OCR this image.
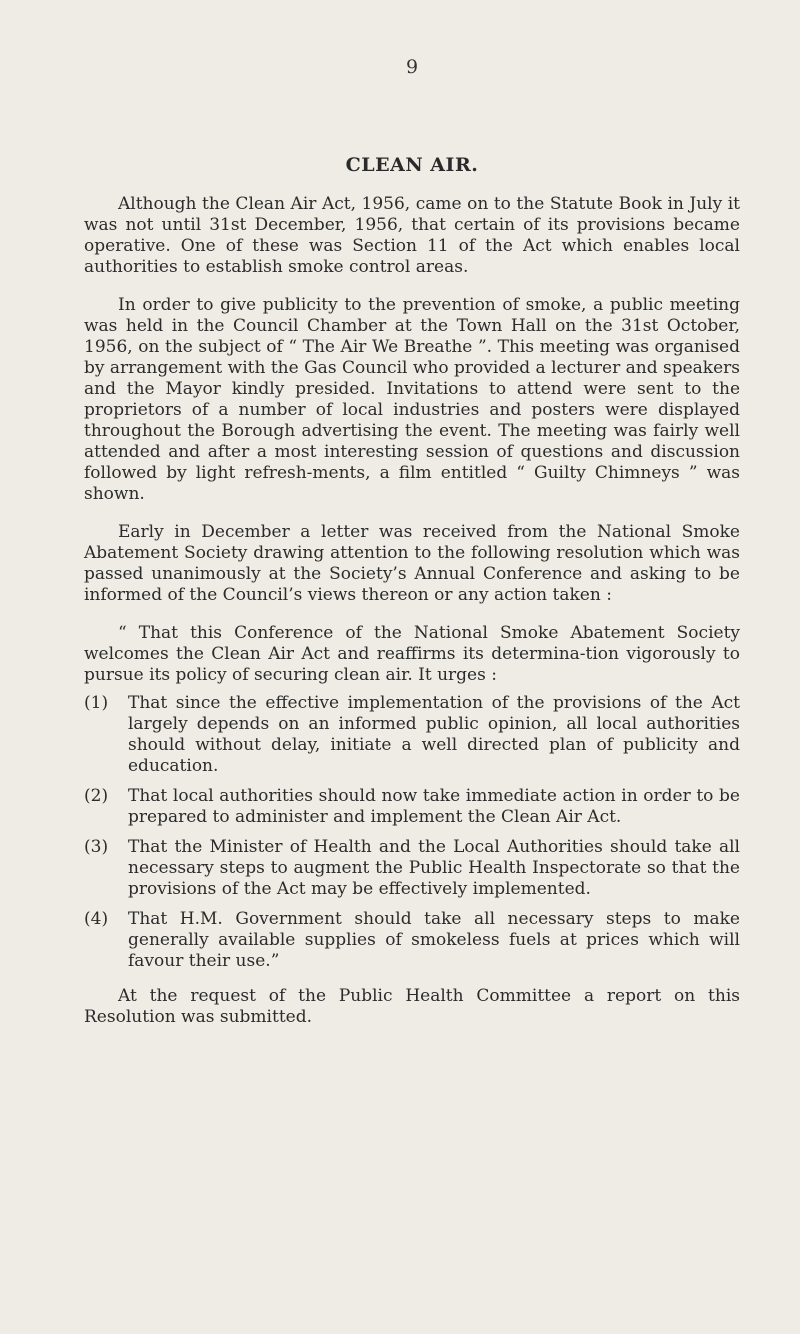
9
CLEAN AIR.

Although the Clean Air Act, 1956, came on to the Statute Book in July it was not until 31st December, 1956, that certain of its provisions became operative. One of these was Section 11 of the Act which enables local authorities to establish smoke control areas.

In order to give publicity to the prevention of smoke, a public meeting was held in the Council Chamber at the Town Hall on the 31st October, 1956, on the subject of “ The Air We Breathe ”. This meeting was organised by arrangement with the Gas Council who provided a lecturer and speakers and the Mayor kindly presided. Invitations to attend were sent to the proprietors of a number of local industries and posters were displayed throughout the Borough advertising the event. The meeting was fairly well attended and after a most interesting session of questions and discussion followed by light refresh-ments, a film entitled “ Guilty Chimneys ” was shown.

Early in December a letter was received from the National Smoke Abatement Society drawing attention to the following resolution which was passed unanimously at the Society’s Annual Conference and asking to be informed of the Council’s views thereon or any action taken :

“ That this Conference of the National Smoke Abatement Society welcomes the Clean Air Act and reaffirms its determina-tion vigorously to pursue its policy of securing clean air. It urges :

(1)	That since the effective implementation of the provisions of the Act largely depends on an informed public opinion, all local authorities should without delay, initiate a well directed plan of publicity and education.
(2)	That local authorities should now take immediate action in order to be prepared to administer and implement the Clean Air Act.
(3)	That the Minister of Health and the Local Authorities should take all necessary steps to augment the Public Health Inspectorate so that the provisions of the Act may be effectively implemented.
(4)	That H.M. Government should take all necessary steps to make generally available supplies of smokeless fuels at prices which will favour their use.”

At the request of the Public Health Committee a report on this Resolution was submitted.
